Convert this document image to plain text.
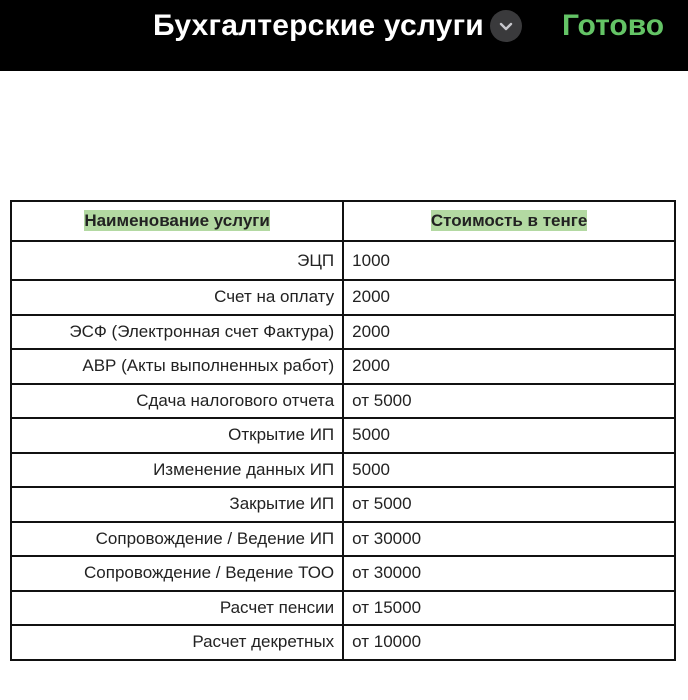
Бухгалтерские услуги	Готово
Наименование услуги	Стоимость в тенге
ЭЦП	1000
Счет на оплату	2000
ЭСФ (Электронная счет Фактура)	2000
АВР (Акты выполненных работ)	2000
Сдача налогового отчета	от 5000
Открытие ИП	5000
Изменение данных ИП	5000
Закрытие ИП	от 5000
Сопровождение / Ведение ИП	от 30000
Сопровождение / Ведение ТОО	от 30000
Расчет пенсии	от 15000
Расчет декретных	от 10000
